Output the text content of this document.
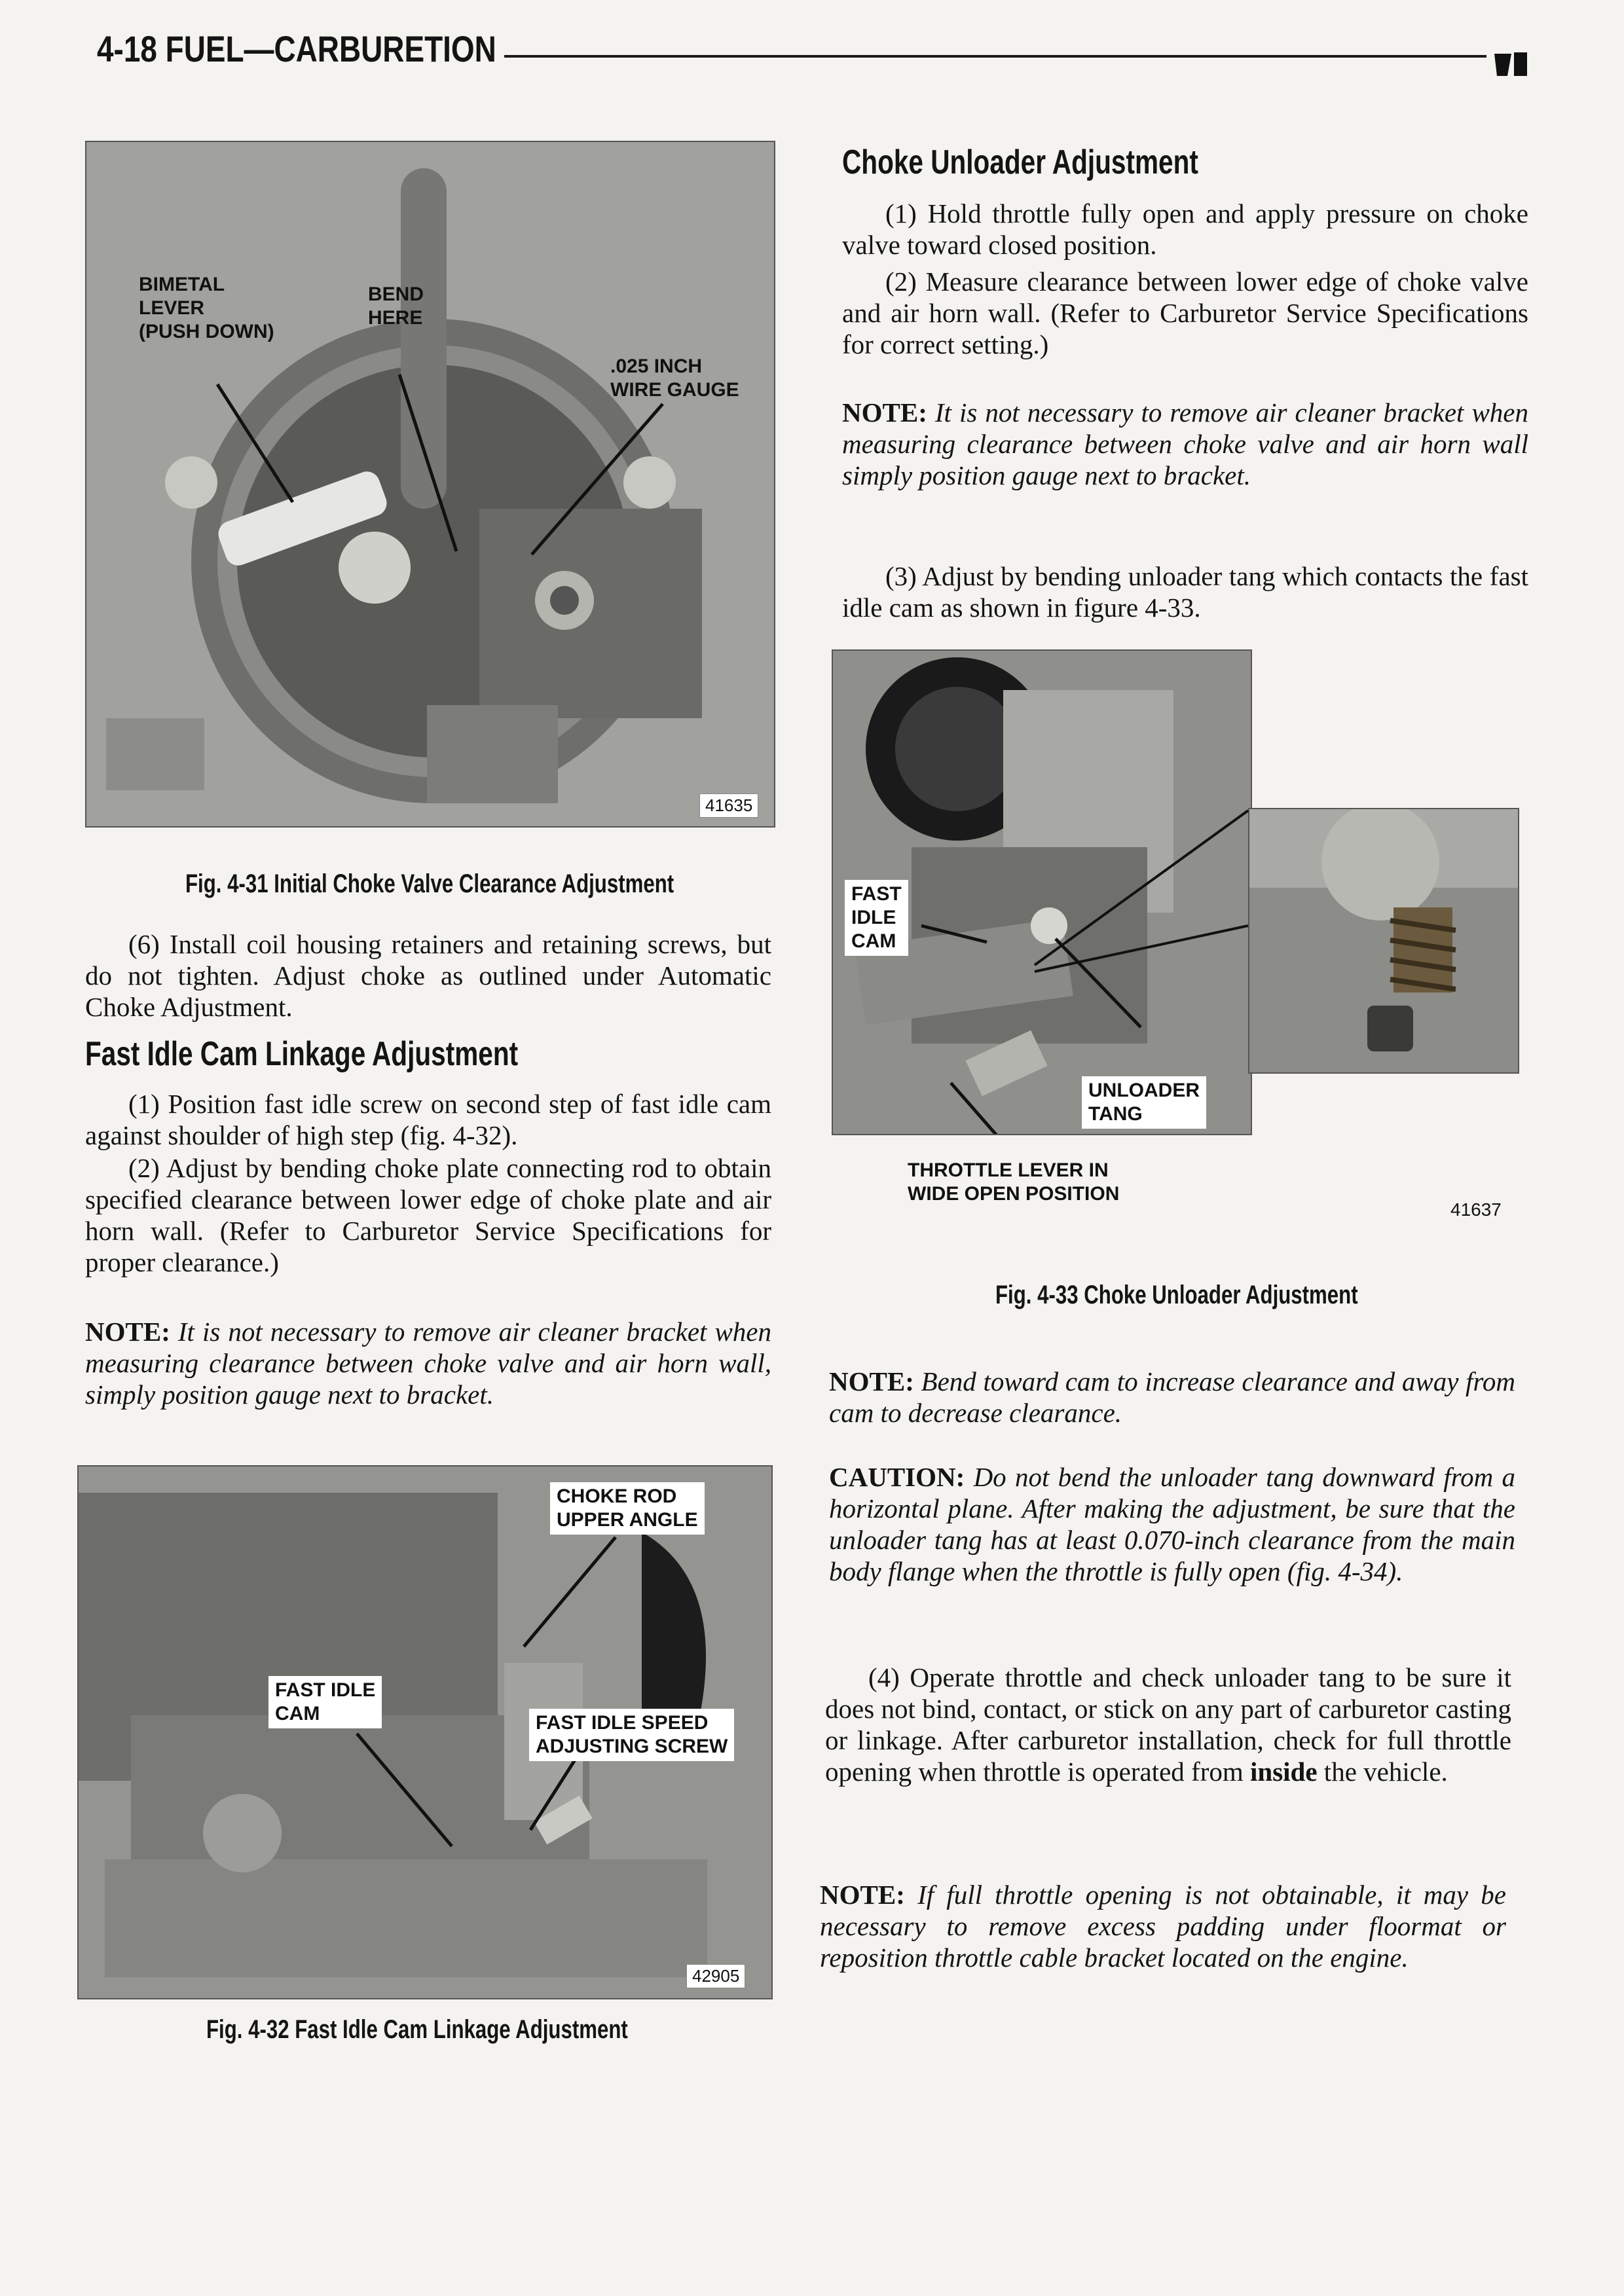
4-18 FUEL—CARBURETION
BIMETAL
LEVER
(PUSH DOWN)
BEND
HERE
.025 INCH
WIRE GAUGE
41635
Fig. 4-31 Initial Choke Valve Clearance Adjustment
(6) Install coil housing retainers and retaining screws, but do not tighten. Adjust choke as outlined under Automatic Choke Adjustment.
Fast Idle Cam Linkage Adjustment
(1) Position fast idle screw on second step of fast idle cam against shoulder of high step (fig. 4-32).
(2) Adjust by bending choke plate connecting rod to obtain specified clearance between lower edge of choke plate and air horn wall. (Refer to Carburetor Service Specifications for proper clearance.)
NOTE: It is not necessary to remove air cleaner bracket when measuring clearance between choke valve and air horn wall, simply position gauge next to bracket.
CHOKE ROD
UPPER ANGLE
FAST IDLE
CAM	FAST IDLE SPEED
ADJUSTING SCREW
42905
Fig. 4-32 Fast Idle Cam Linkage Adjustment
Choke Unloader Adjustment
(1) Hold throttle fully open and apply pressure on choke valve toward closed position.
(2) Measure clearance between lower edge of choke valve and air horn wall. (Refer to Carburetor Service Specifications for correct setting.)
NOTE: It is not necessary to remove air cleaner bracket when measuring clearance between choke valve and air horn wall simply position gauge next to bracket.
(3) Adjust by bending unloader tang which contacts the fast idle cam as shown in figure 4-33.
FAST
IDLE
CAM
UNLOADER
TANG
THROTTLE LEVER IN
WIDE OPEN POSITION
41637
Fig. 4-33 Choke Unloader Adjustment
NOTE: Bend toward cam to increase clearance and away from cam to decrease clearance.
CAUTION: Do not bend the unloader tang downward from a horizontal plane. After making the adjustment, be sure that the unloader tang has at least 0.070-inch clearance from the main body flange when the throttle is fully open (fig. 4-34).
(4) Operate throttle and check unloader tang to be sure it does not bind, contact, or stick on any part of carburetor casting or linkage. After carburetor installation, check for full throttle opening when throttle is operated from inside the vehicle.
NOTE: If full throttle opening is not obtainable, it may be necessary to remove excess padding under floormat or reposition throttle cable bracket located on the engine.
